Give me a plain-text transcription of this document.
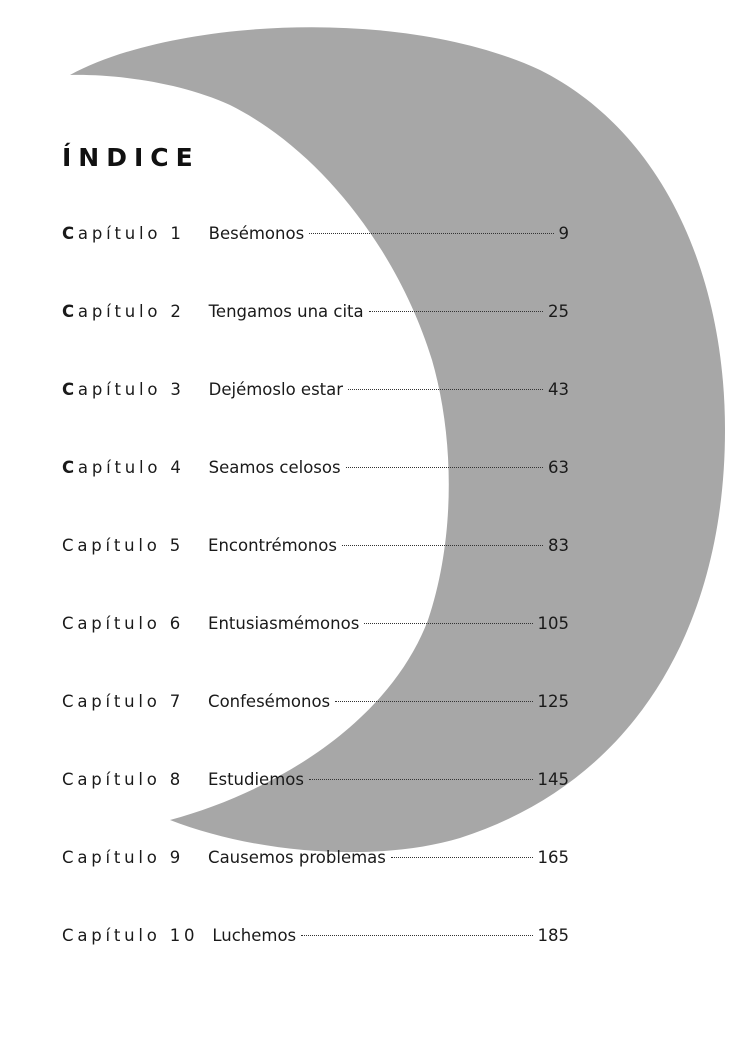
ÍNDICE
Capítulo 1 Besémonos	9
Capítulo 2 Tengamos una cita	25
Capítulo 3 Dejémoslo estar	43
Capítulo 4 Seamos celosos	63
Capítulo 5 Encontrémonos	83
Capítulo 6 Entusiasmémonos	105
Capítulo 7 Confesémonos	125
Capítulo 8 Estudiemos	145
Capítulo 9 Causemos problemas	165
Capítulo 10 Luchemos	185
